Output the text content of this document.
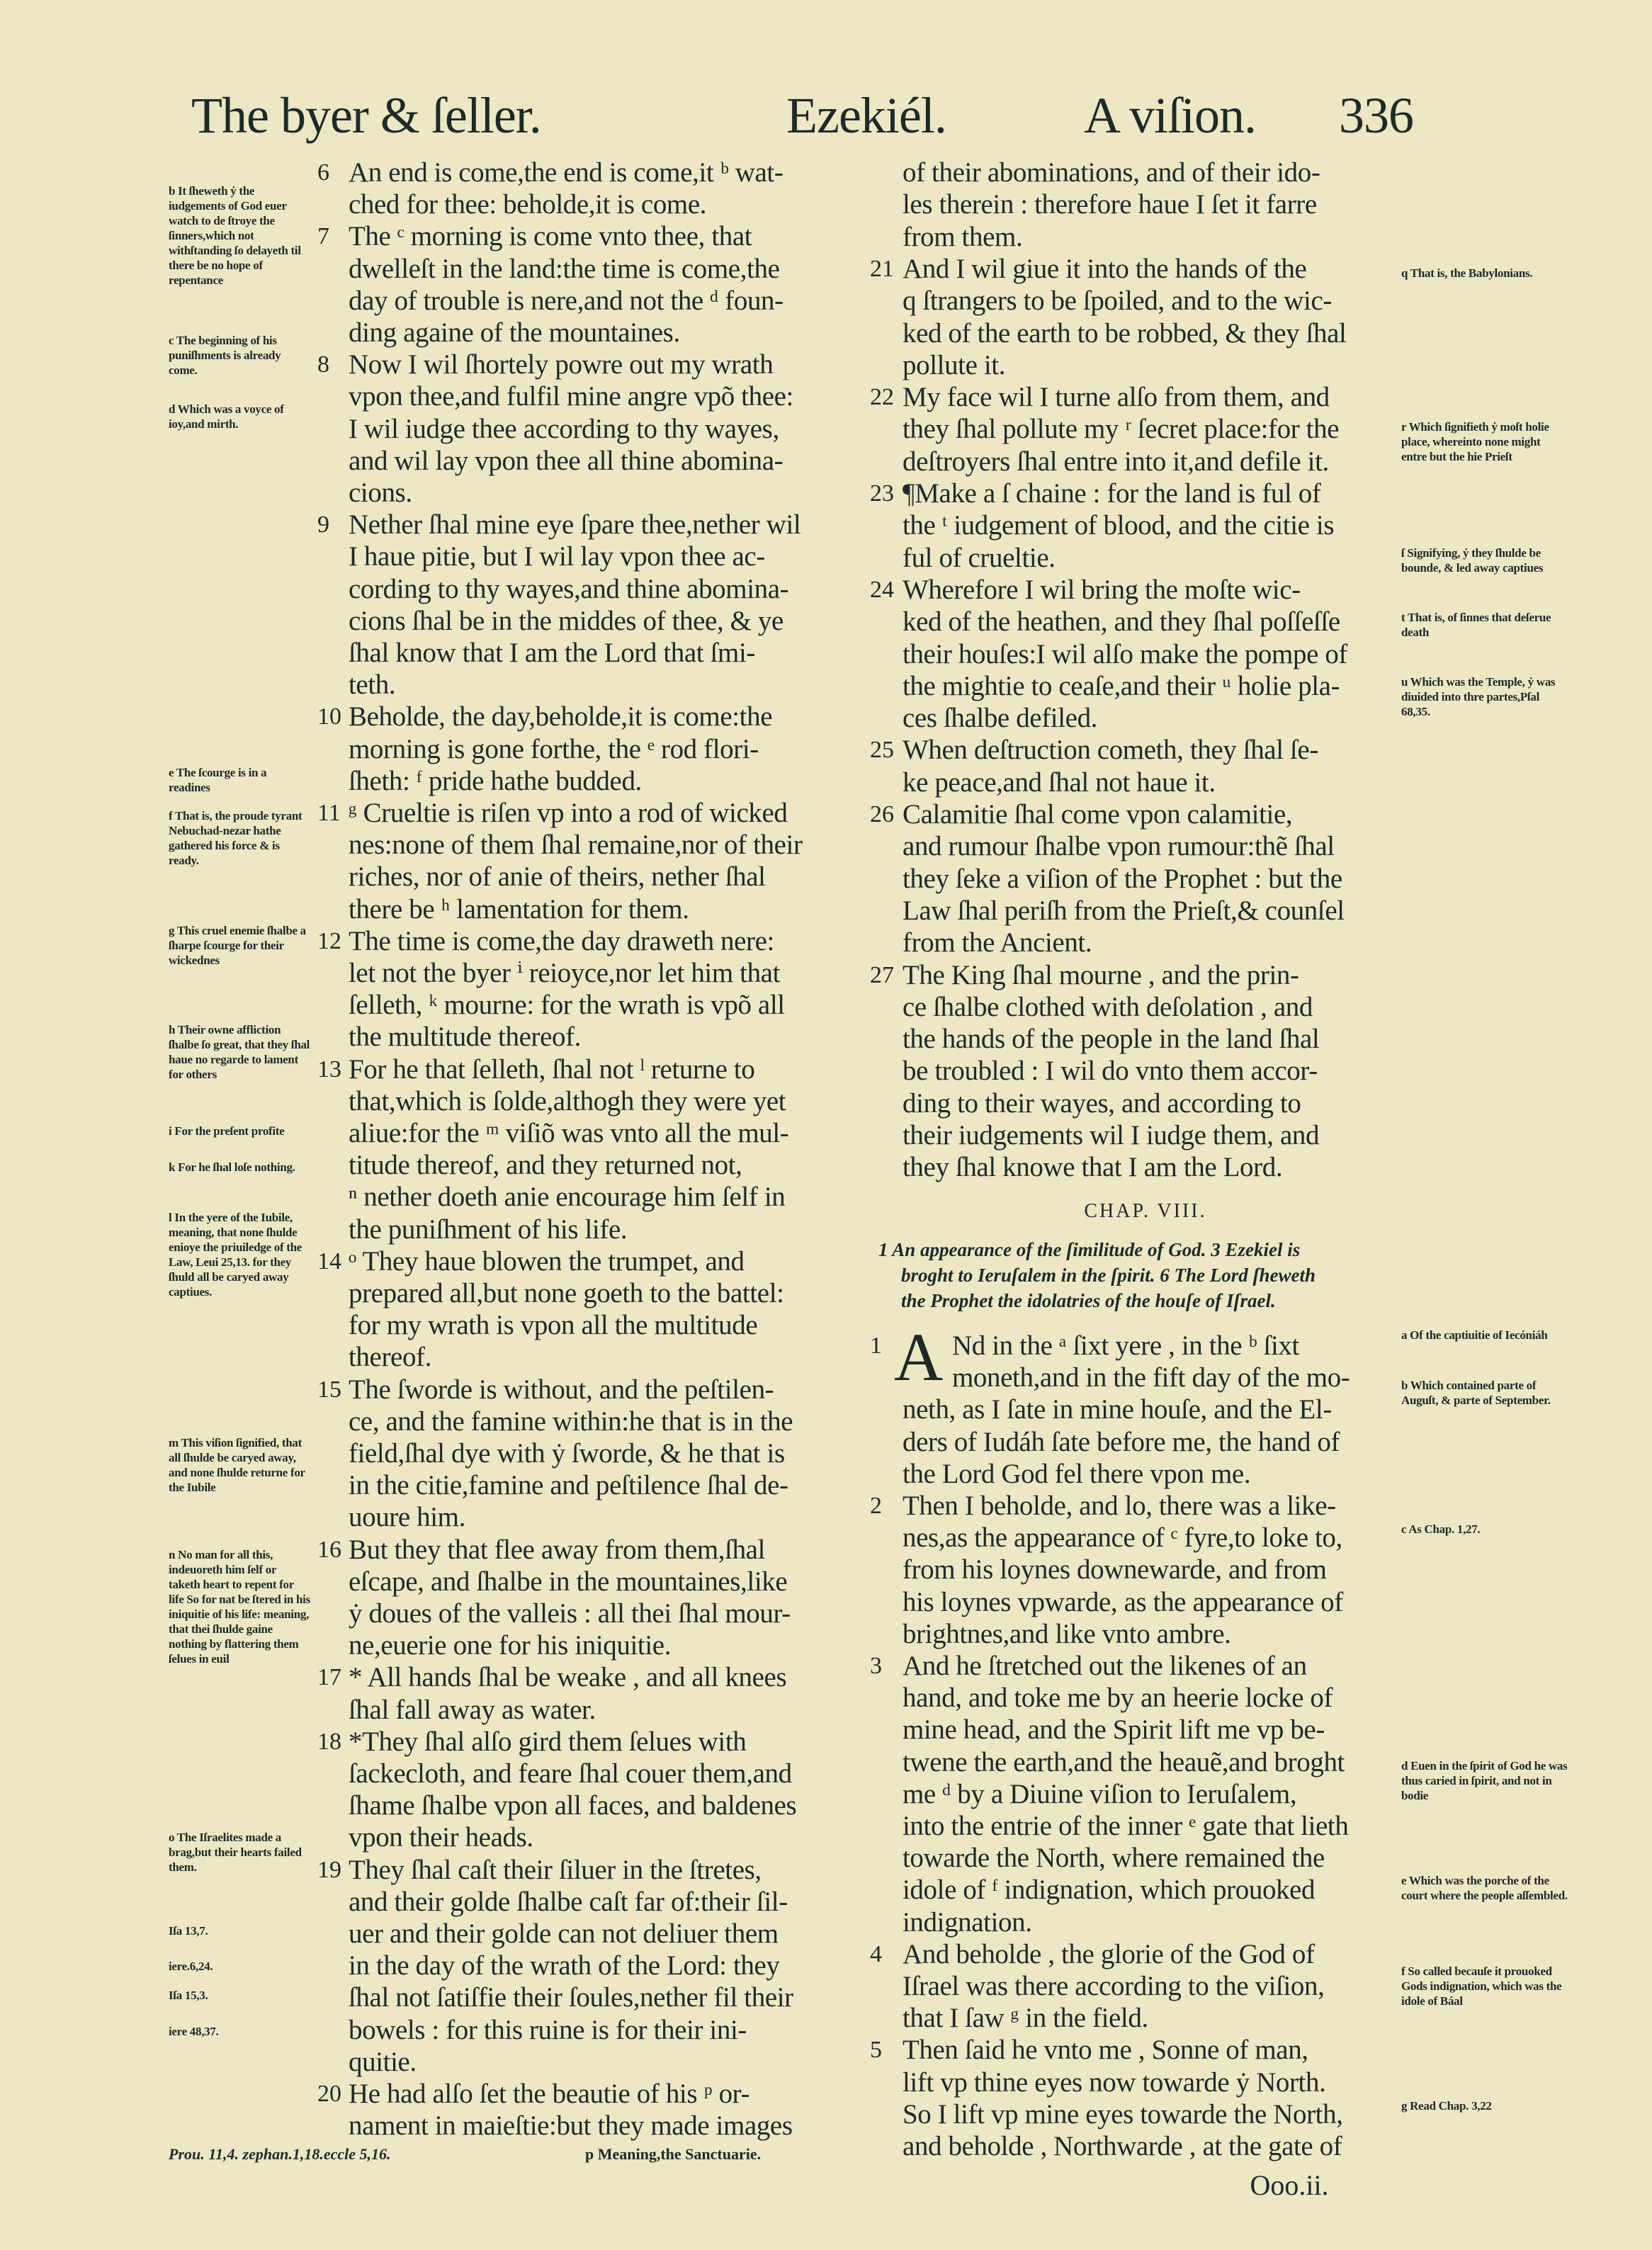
The byer & ſeller.	Ezekiél.	A viſion. 336
6 An end is come,the end is come,it ᵇ wat-
ched for thee: beholde,it is come.
7 The ᶜ morning is come vnto thee, that
dwelleſt in the land:the time is come,the
day of trouble is nere,and not the ᵈ foun-
ding againe of the mountaines.
8 Now I wil ſhortely powre out my wrath
vpon thee,and fulfil mine angre vpõ thee:
I wil iudge thee according to thy wayes,
and wil lay vpon thee all thine abomina-
cions.
9 Nether ſhal mine eye ſpare thee,nether wil
I haue pitie, but I wil lay vpon thee ac-
cording to thy wayes,and thine abomina-
cions ſhal be in the middes of thee, & ye
ſhal know that I am the Lord that ſmi-
teth.
10 Beholde, the day,beholde,it is come:the
morning is gone forthe, the ᵉ rod flori-
ſheth: ᶠ pride hathe budded.
11 ᵍ Crueltie is riſen vp into a rod of wicked
nes:none of them ſhal remaine,nor of their
riches, nor of anie of theirs, nether ſhal
there be ʰ lamentation for them.
12 The time is come,the day draweth nere:
let not the byer ⁱ reioyce,nor let him that
ſelleth, ᵏ mourne: for the wrath is vpõ all
the multitude thereof.
13 For he that ſelleth, ſhal not ˡ returne to
that,which is ſolde,althogh they were yet
aliue:for the ᵐ viſiõ was vnto all the mul-
titude thereof, and they returned not,
ⁿ nether doeth anie encourage him ſelf in
the puniſhment of his life.
14 ᵒ They haue blowen the trumpet, and
prepared all,but none goeth to the battel:
for my wrath is vpon all the multitude
thereof.
15 The ſworde is without, and the peſtilen-
ce, and the famine within:he that is in the
field,ſhal dye with ẏ ſworde, & he that is
in the citie,famine and peſtilence ſhal de-
uoure him.
16 But they that flee away from them,ſhal
eſcape, and ſhalbe in the mountaines,like
ẏ doues of the valleis : all thei ſhal mour-
ne,euerie one for his iniquitie.
17 * All hands ſhal be weake , and all knees
ſhal fall away as water.
18 *They ſhal alſo gird them ſelues with
ſackecloth, and feare ſhal couer them,and
ſhame ſhalbe vpon all faces, and baldenes
vpon their heads.
19 They ſhal caſt their ſiluer in the ſtretes,
and their golde ſhalbe caſt far of:their ſil-
uer and their golde can not deliuer them
in the day of the wrath of the Lord: they
ſhal not ſatiſfie their ſoules,nether fil their
bowels : for this ruine is for their ini-
quitie.
20 He had alſo ſet the beautie of his ᵖ or-
nament in maieſtie:but they made images
of their abominations, and of their ido-
les therein : therefore haue I ſet it farre
from them.
21 And I wil giue it into the hands of the
q ſtrangers to be ſpoiled, and to the wic-
ked of the earth to be robbed, & they ſhal
pollute it.
22 My face wil I turne alſo from them, and
they ſhal pollute my ʳ ſecret place:for the
deſtroyers ſhal entre into it,and defile it.
23 ¶Make a ſ chaine : for the land is ful of
the ᵗ iudgement of blood, and the citie is
ful of crueltie.
24 Wherefore I wil bring the moſte wic-
ked of the heathen, and they ſhal poſſeſſe
their houſes:I wil alſo make the pompe of
the mightie to ceaſe,and their ᵘ holie pla-
ces ſhalbe defiled.
25 When deſtruction cometh, they ſhal ſe-
ke peace,and ſhal not haue it.
26 Calamitie ſhal come vpon calamitie,
and rumour ſhalbe vpon rumour:thẽ ſhal
they ſeke a viſion of the Prophet : but the
Law ſhal periſh from the Prieſt,& counſel
from the Ancient.
27 The King ſhal mourne , and the prin-
ce ſhalbe clothed with deſolation , and
the hands of the people in the land ſhal
be troubled : I wil do vnto them accor-
ding to their wayes, and according to
their iudgements wil I iudge them, and
they ſhal knowe that I am the Lord.
1	Nd in the ᵃ ſixt yere , in the ᵇ ſixt
moneth,and in the fift day of the mo-
neth, as I ſate in mine houſe, and the El-
ders of Iudáh ſate before me, the hand of
the Lord God fel there vpon me.
2 Then I beholde, and lo, there was a like-
nes,as the appearance of ᶜ fyre,to loke to,
from his loynes downewarde, and from
his loynes vpwarde, as the appearance of
brightnes,and like vnto ambre.
3 And he ſtretched out the likenes of an
hand, and toke me by an heerie locke of
mine head, and the Spirit lift me vp be-
twene the earth,and the heauẽ,and broght
me ᵈ by a Diuine viſion to Ieruſalem,
into the entrie of the inner ᵉ gate that lieth
towarde the North, where remained the
idole of ᶠ indignation, which prouoked
indignation.
4 And beholde , the glorie of the God of
Iſrael was there according to the viſion,
that I ſaw ᵍ in the field.
5 Then ſaid he vnto me , Sonne of man,
lift vp thine eyes now towarde ẏ North.
So I lift vp mine eyes towarde the North,
and beholde , Northwarde , at the gate of
b It ſheweth ẏ the iudgements of God euer watch to de ſtroye the ſinners,which not withſtanding ſo delayeth til there be no hope of repentance
c The beginning of his puniſhments is already come.
d Which was a voyce of ioy,and mirth.
e The ſcourge is in a readines
f That is, the proude tyrant Nebuchad-nezar hathe gathered his force & is ready.
g This cruel enemie ſhalbe a ſharpe ſcourge for their wickednes
h Their owne affliction ſhalbe ſo great, that they ſhal haue no regarde to lament for others
i For the preſent profite
k For he ſhal loſe nothing.
l In the yere of the Iubile, meaning, that none ſhulde enioye the priuiledge of the Law, Leui 25,13. for they ſhuld all be caryed away captiues.
m This viſion ſignified, that all ſhulde be caryed away, and none ſhulde returne for the Iubile
n No man for all this, indeuoreth him ſelf or taketh heart to repent for life So for nat be ſtered in his iniquitie of his life: meaning, that thei ſhulde gaine nothing by flattering them ſelues in euil
o The Iſraelites made a brag,but their hearts failed them.
Iſa 13,7.
iere.6,24.
Iſa 15,3.
iere 48,37.
q That is, the Babylonians.
r Which ſignifieth ẏ moſt holie place, whereinto none might entre but the hie Prieſt
ſ Signifying, ẏ they ſhulde be bounde, & led away captiues
t That is, of ſinnes that deſerue death
u Which was the Temple, ẏ was diuided into thre partes,Pſal 68,35.
a Of the captiuitie of Iecóniáh
b Which contained parte of Auguſt, & parte of September.
c As Chap. 1,27.
d Euen in the ſpirit of God he was thus caried in ſpirit, and not in bodie
e Which was the porche of the court where the people aſſembled.
f So called becauſe it prouoked Gods indignation, which was the idole of Báal
g Read Chap. 3,22
CHAP. VIII.
1 An appearance of the ſimilitude of God. 3 Ezekiel is
broght to Ieruſalem in the ſpirit. 6 The Lord ſheweth
the Prophet the idolatries of the houſe of Iſrael.
A
Prou. 11,4. zephan.1,18.eccle 5,16.	p Meaning,the Sanctuarie.
Ooo.ii.
